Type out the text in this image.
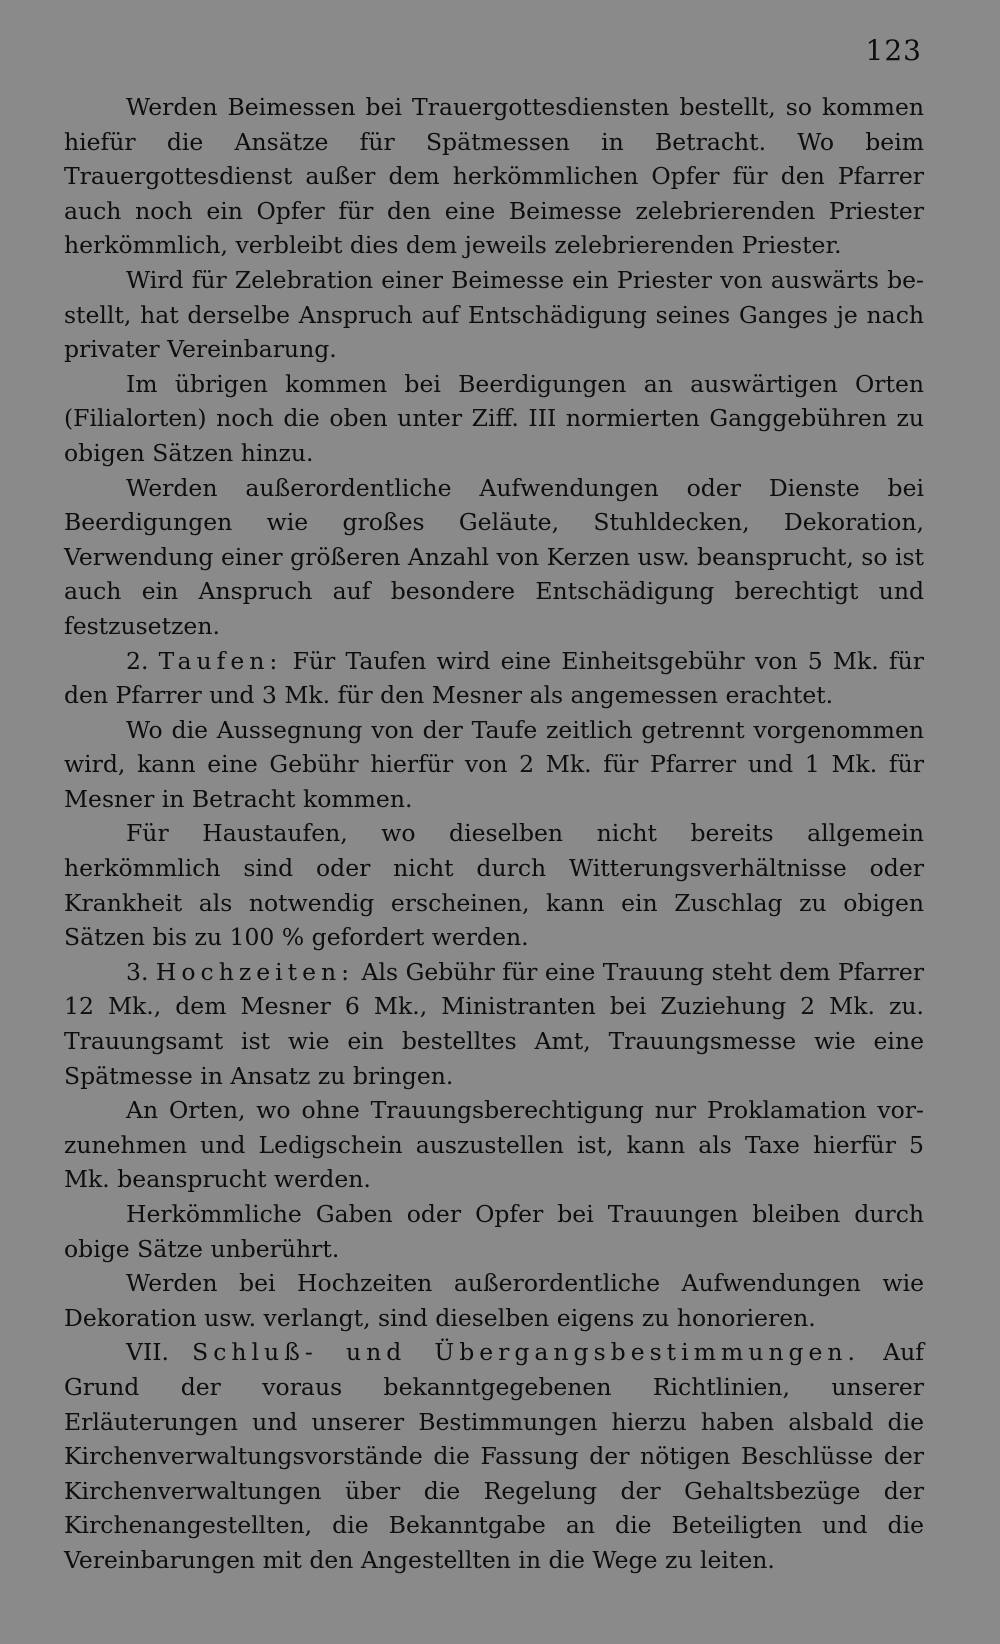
123

Werden Beimessen bei Trauergottesdiensten bestellt, so kommen hiefür die Ansätze für Spätmessen in Betracht. Wo beim Trauergottesdienst außer dem herkömmlichen Opfer für den Pfarrer auch noch ein Opfer für den eine Beimesse zelebrierenden Priester herkömmlich, verbleibt dies dem jeweils zelebrierenden Priester.

Wird für Zelebration einer Beimesse ein Priester von auswärts bestellt, hat derselbe Anspruch auf Entschädigung seines Ganges je nach privater Vereinbarung.

Im übrigen kommen bei Beerdigungen an auswärtigen Orten (Filialorten) noch die oben unter Ziff. III normierten Ganggebühren zu obigen Sätzen hinzu.

Werden außerordentliche Aufwendungen oder Dienste bei Beerdigungen wie großes Geläute, Stuhldecken, Dekoration, Verwendung einer größeren Anzahl von Kerzen usw. beansprucht, so ist auch ein Anspruch auf besondere Entschädigung berechtigt und festzusetzen.

2. Taufen: Für Taufen wird eine Einheitsgebühr von 5 Mk. für den Pfarrer und 3 Mk. für den Mesner als angemessen erachtet.

Wo die Aussegnung von der Taufe zeitlich getrennt vorgenommen wird, kann eine Gebühr hierfür von 2 Mk. für Pfarrer und 1 Mk. für Mesner in Betracht kommen.

Für Haustaufen, wo dieselben nicht bereits allgemein herkömmlich sind oder nicht durch Witterungsverhältnisse oder Krankheit als notwendig erscheinen, kann ein Zuschlag zu obigen Sätzen bis zu 100 % gefordert werden.

3. Hochzeiten: Als Gebühr für eine Trauung steht dem Pfarrer 12 Mk., dem Mesner 6 Mk., Ministranten bei Zuziehung 2 Mk. zu. Trauungsamt ist wie ein bestelltes Amt, Trauungsmesse wie eine Spätmesse in Ansatz zu bringen.

An Orten, wo ohne Trauungsberechtigung nur Proklamation vorzunehmen und Ledigschein auszustellen ist, kann als Taxe hierfür 5 Mk. beansprucht werden.

Herkömmliche Gaben oder Opfer bei Trauungen bleiben durch obige Sätze unberührt.

Werden bei Hochzeiten außerordentliche Aufwendungen wie Dekoration usw. verlangt, sind dieselben eigens zu honorieren.

VII. Schluß- und Übergangsbestimmungen. Auf Grund der voraus bekanntgegebenen Richtlinien, unserer Erläuterungen und unserer Bestimmungen hierzu haben alsbald die Kirchenverwaltungsvorstände die Fassung der nötigen Beschlüsse der Kirchenverwaltungen über die Regelung der Gehaltsbezüge der Kirchenangestellten, die Bekanntgabe an die Beteiligten und die Vereinbarungen mit den Angestellten in die Wege zu leiten.
